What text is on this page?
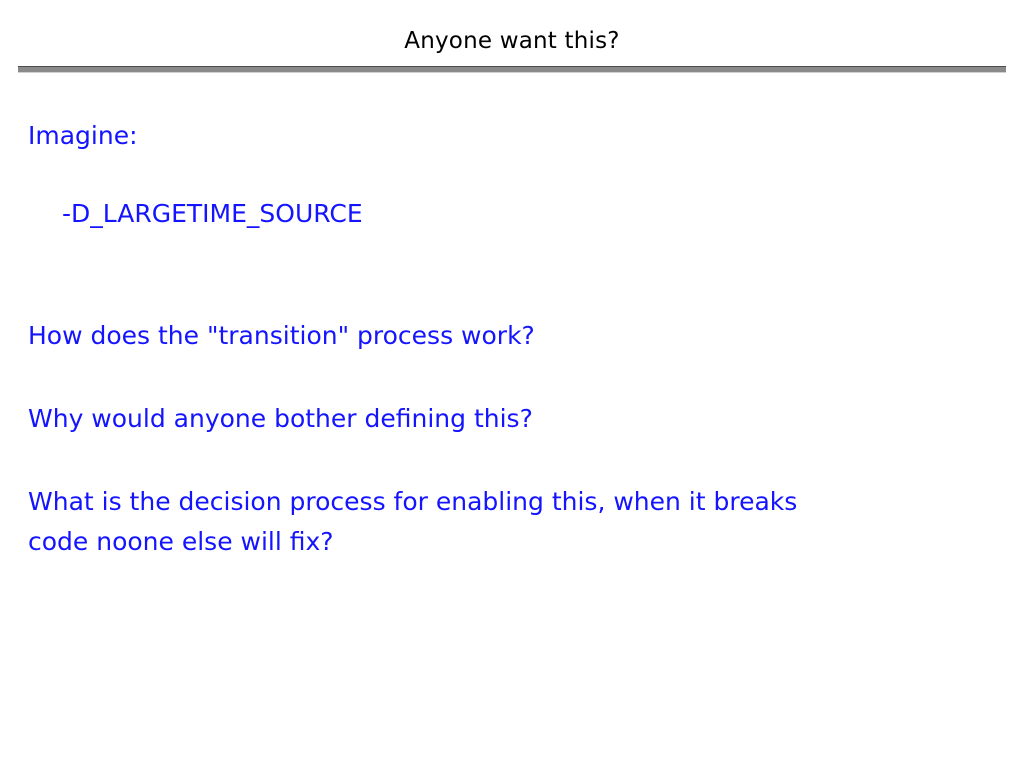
Anyone want this?
Imagine:
-D_LARGETIME_SOURCE
How does the "transition" process work?
Why would anyone bother defining this?
What is the decision process for enabling this, when it breaks
code noone else will fix?
